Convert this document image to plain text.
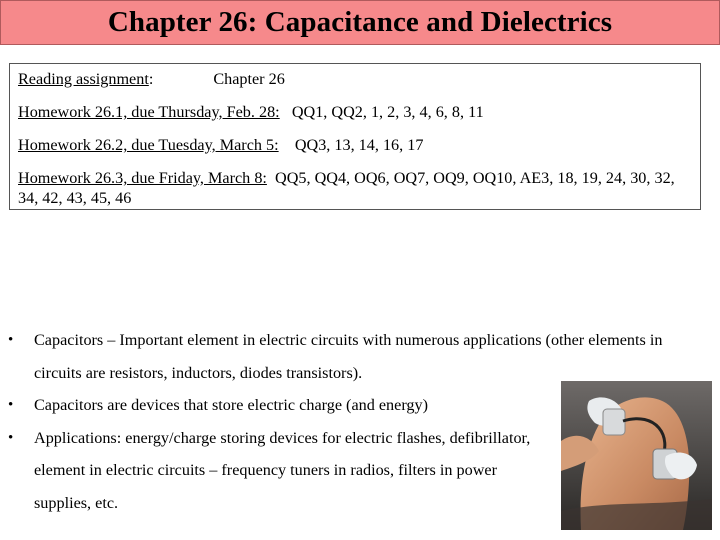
Chapter 26: Capacitance and Dielectrics

Reading assignment:	Chapter 26

Homework 26.1, due Thursday, Feb. 28: QQ1, QQ2, 1, 2, 3, 4, 6, 8, 11

Homework 26.2, due Tuesday, March 5: QQ3, 13, 14, 16, 17

Homework 26.3, due Friday, March 8: QQ5, QQ4, OQ6, OQ7, OQ9, OQ10, AE3, 18, 19, 24, 30, 32, 34, 42, 43, 45, 46

• Capacitors – Important element in electric circuits with numerous applications (other elements in circuits are resistors, inductors, diodes transistors).
• Capacitors are devices that store electric charge (and energy)
• Applications: energy/charge storing devices for electric flashes, defibrillator, element in electric circuits – frequency tuners in radios, filters in power supplies, etc.
